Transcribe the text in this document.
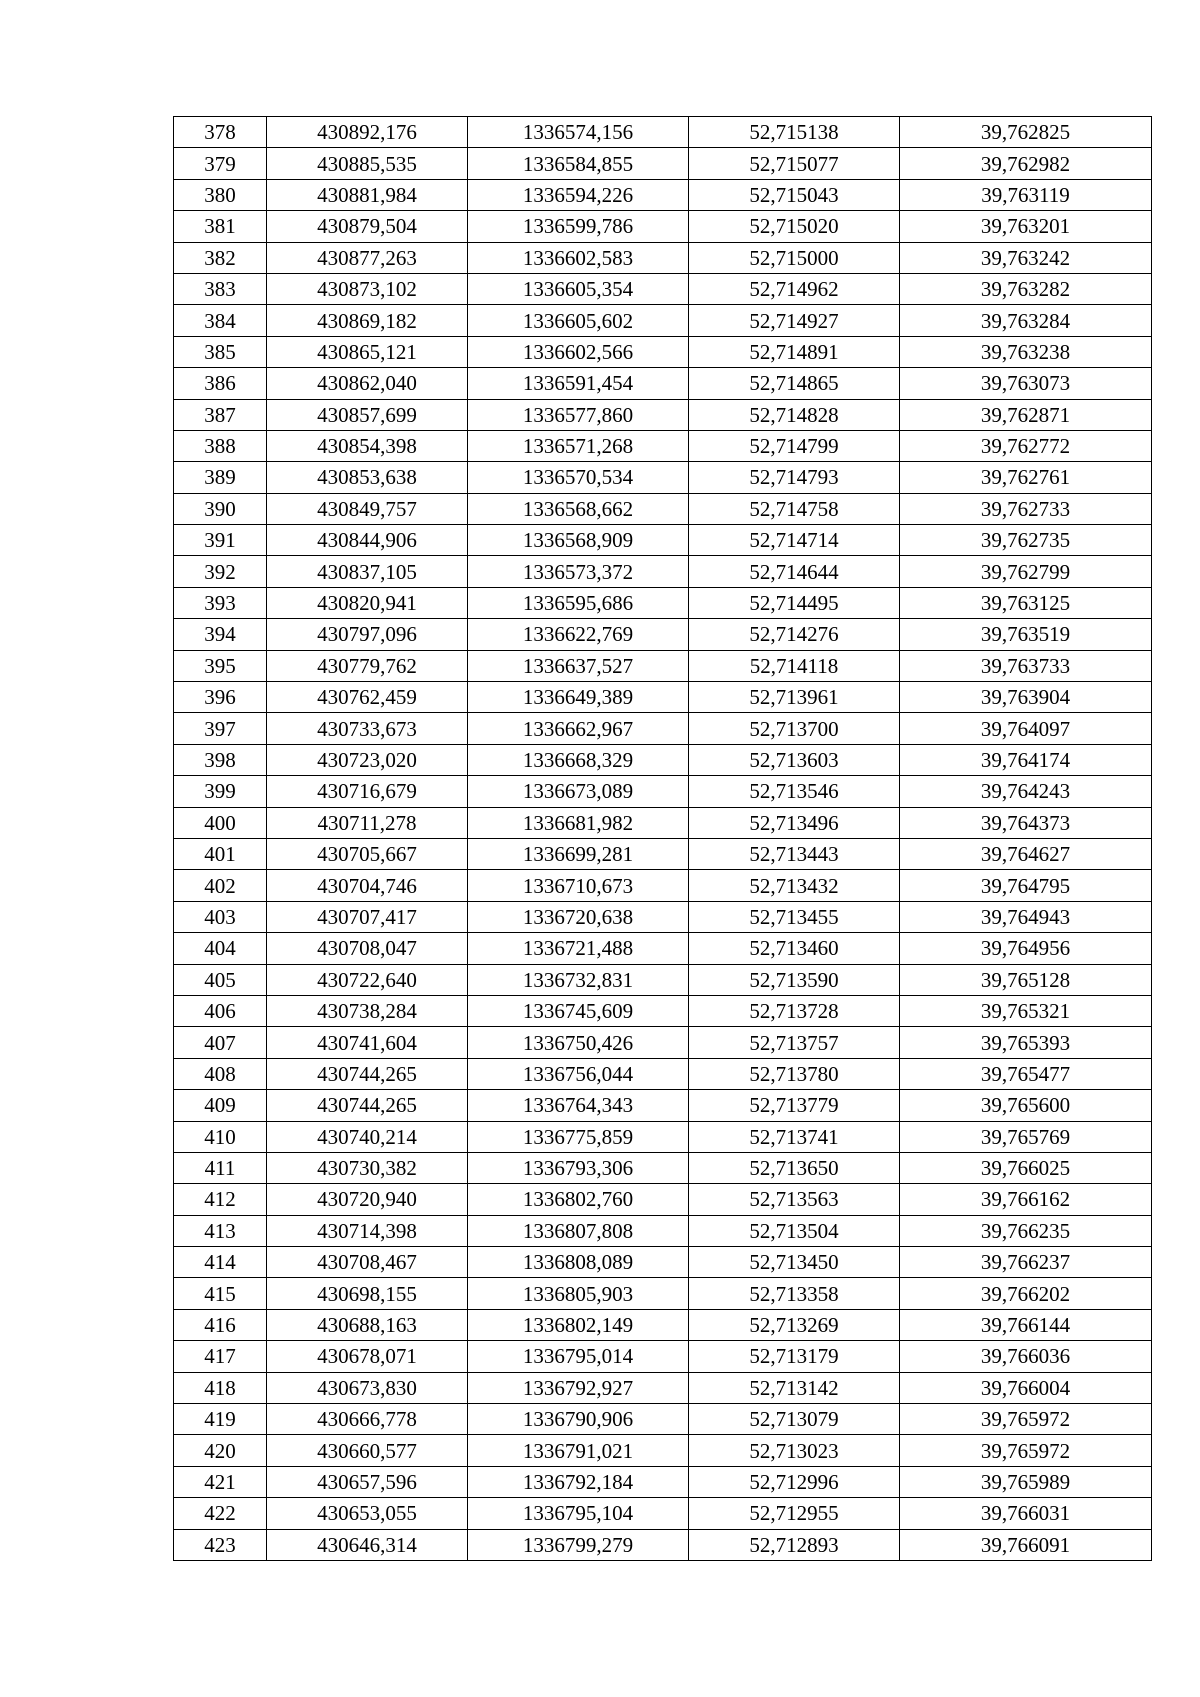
378	430892,176	1336574,156	52,715138	39,762825
379	430885,535	1336584,855	52,715077	39,762982
380	430881,984	1336594,226	52,715043	39,763119
381	430879,504	1336599,786	52,715020	39,763201
382	430877,263	1336602,583	52,715000	39,763242
383	430873,102	1336605,354	52,714962	39,763282
384	430869,182	1336605,602	52,714927	39,763284
385	430865,121	1336602,566	52,714891	39,763238
386	430862,040	1336591,454	52,714865	39,763073
387	430857,699	1336577,860	52,714828	39,762871
388	430854,398	1336571,268	52,714799	39,762772
389	430853,638	1336570,534	52,714793	39,762761
390	430849,757	1336568,662	52,714758	39,762733
391	430844,906	1336568,909	52,714714	39,762735
392	430837,105	1336573,372	52,714644	39,762799
393	430820,941	1336595,686	52,714495	39,763125
394	430797,096	1336622,769	52,714276	39,763519
395	430779,762	1336637,527	52,714118	39,763733
396	430762,459	1336649,389	52,713961	39,763904
397	430733,673	1336662,967	52,713700	39,764097
398	430723,020	1336668,329	52,713603	39,764174
399	430716,679	1336673,089	52,713546	39,764243
400	430711,278	1336681,982	52,713496	39,764373
401	430705,667	1336699,281	52,713443	39,764627
402	430704,746	1336710,673	52,713432	39,764795
403	430707,417	1336720,638	52,713455	39,764943
404	430708,047	1336721,488	52,713460	39,764956
405	430722,640	1336732,831	52,713590	39,765128
406	430738,284	1336745,609	52,713728	39,765321
407	430741,604	1336750,426	52,713757	39,765393
408	430744,265	1336756,044	52,713780	39,765477
409	430744,265	1336764,343	52,713779	39,765600
410	430740,214	1336775,859	52,713741	39,765769
411	430730,382	1336793,306	52,713650	39,766025
412	430720,940	1336802,760	52,713563	39,766162
413	430714,398	1336807,808	52,713504	39,766235
414	430708,467	1336808,089	52,713450	39,766237
415	430698,155	1336805,903	52,713358	39,766202
416	430688,163	1336802,149	52,713269	39,766144
417	430678,071	1336795,014	52,713179	39,766036
418	430673,830	1336792,927	52,713142	39,766004
419	430666,778	1336790,906	52,713079	39,765972
420	430660,577	1336791,021	52,713023	39,765972
421	430657,596	1336792,184	52,712996	39,765989
422	430653,055	1336795,104	52,712955	39,766031
423	430646,314	1336799,279	52,712893	39,766091
